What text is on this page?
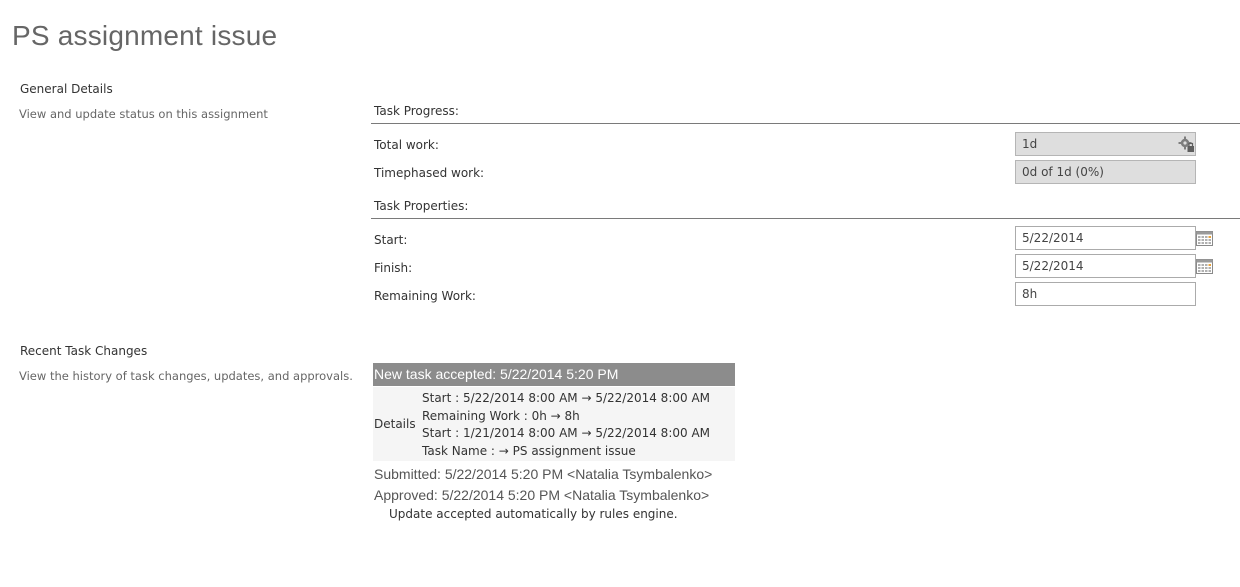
PS assignment issue
General Details
View and update status on this assignment	Task Progress:
Total work:	1d
Timephased work:	0d of 1d (0%)
Task Properties:
Start:	5/22/2014
Finish:	5/22/2014
Remaining Work:	8h
Recent Task Changes
View the history of task changes, updates, and approvals. New task accepted: 5/22/2014 5:20 PM
Details
Start : 5/22/2014 8:00 AM → 5/22/2014 8:00 AM
Remaining Work : 0h → 8h
Start : 1/21/2014 8:00 AM → 5/22/2014 8:00 AM
Task Name : → PS assignment issue
Submitted: 5/22/2014 5:20 PM <Natalia Tsymbalenko>
Approved: 5/22/2014 5:20 PM <Natalia Tsymbalenko>
Update accepted automatically by rules engine.
